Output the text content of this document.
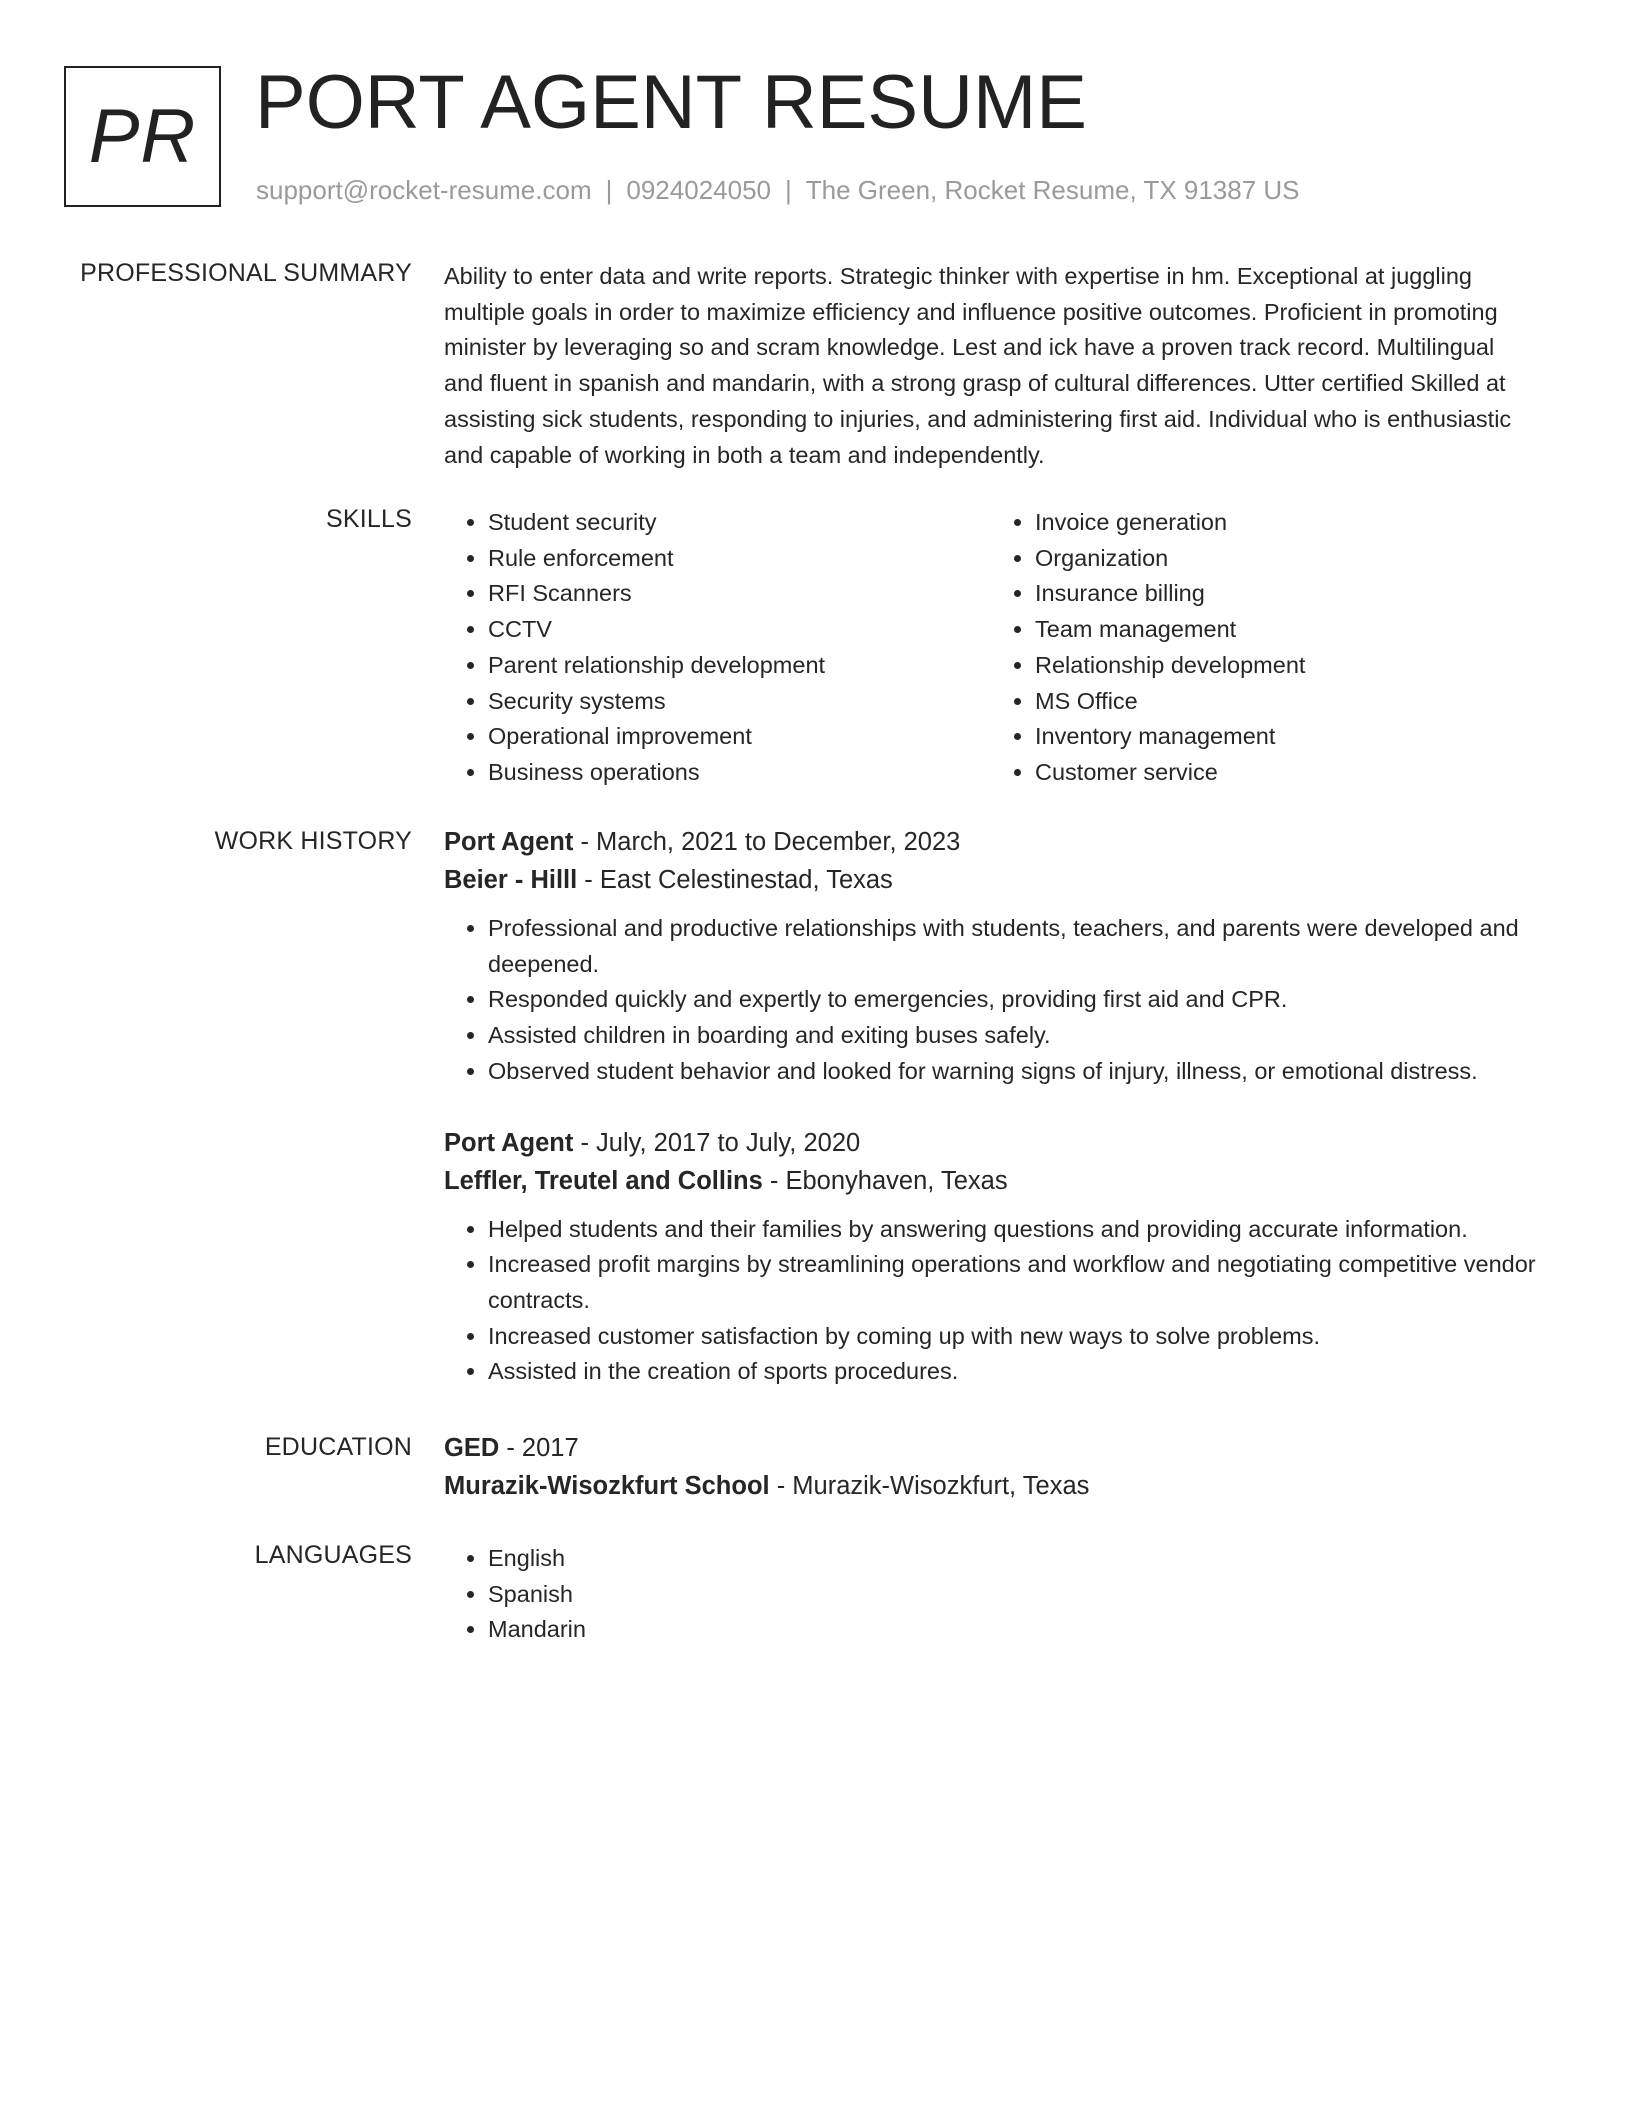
PR PORT AGENT RESUME
support@rocket-resume.com | 0924024050 | The Green, Rocket Resume, TX 91387 US
PROFESSIONAL SUMMARY Ability to enter data and write reports. Strategic thinker with expertise in hm. Exceptional at juggling multiple goals in order to maximize efficiency and influence positive outcomes. Proficient in promoting minister by leveraging so and scram knowledge. Lest and ick have a proven track record. Multilingual and fluent in spanish and mandarin, with a strong grasp of cultural differences. Utter certified Skilled at assisting sick students, responding to injuries, and administering first aid. Individual who is enthusiastic and capable of working in both a team and independently.

SKILLS	• Student security
• Rule enforcement
• RFI Scanners
• CCTV
• Parent relationship development
• Security systems
• Operational improvement
• Business operations
• Invoice generation
• Organization
• Insurance billing
• Team management
• Relationship development
• MS Office
• Inventory management
• Customer service
WORK HISTORY Port Agent - March, 2021 to December, 2023
Beier - Hilll - East Celestinestad, Texas
• Professional and productive relationships with students, teachers, and parents were developed and deepened.
• Responded quickly and expertly to emergencies, providing first aid and CPR.
• Assisted children in boarding and exiting buses safely.
• Observed student behavior and looked for warning signs of injury, illness, or emotional distress.
Port Agent - July, 2017 to July, 2020
Leffler, Treutel and Collins - Ebonyhaven, Texas
• Helped students and their families by answering questions and providing accurate information.
• Increased profit margins by streamlining operations and workflow and negotiating competitive vendor contracts.
• Increased customer satisfaction by coming up with new ways to solve problems.
• Assisted in the creation of sports procedures.
EDUCATION GED - 2017
Murazik-Wisozkfurt School - Murazik-Wisozkfurt, Texas
LANGUAGES	• English
• Spanish
• Mandarin
